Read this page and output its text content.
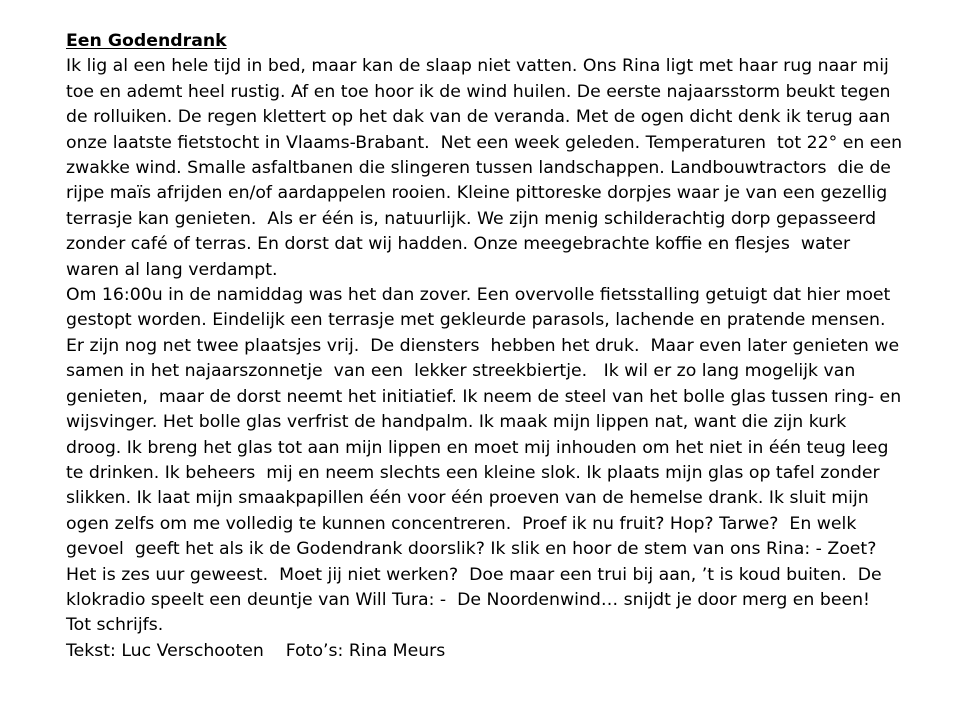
Een Godendrank
Ik lig al een hele tijd in bed, maar kan de slaap niet vatten. Ons Rina ligt met haar rug naar mij
toe en ademt heel rustig. Af en toe hoor ik de wind huilen. De eerste najaarsstorm beukt tegen
de rolluiken. De regen klettert op het dak van de veranda. Met de ogen dicht denk ik terug aan
onze laatste fietstocht in Vlaams-Brabant.  Net een week geleden. Temperaturen  tot 22° en een
zwakke wind. Smalle asfaltbanen die slingeren tussen landschappen. Landbouwtractors  die de
rijpe maïs afrijden en/of aardappelen rooien. Kleine pittoreske dorpjes waar je van een gezellig
terrasje kan genieten.  Als er één is, natuurlijk. We zijn menig schilderachtig dorp gepasseerd
zonder café of terras. En dorst dat wij hadden. Onze meegebrachte koffie en flesjes  water
waren al lang verdampt.
Om 16:00u in de namiddag was het dan zover. Een overvolle fietsstalling getuigt dat hier moet
gestopt worden. Eindelijk een terrasje met gekleurde parasols, lachende en pratende mensen.
Er zijn nog net twee plaatsjes vrij.  De diensters  hebben het druk.  Maar even later genieten we
samen in het najaarszonnetje  van een  lekker streekbiertje.   Ik wil er zo lang mogelijk van
genieten,  maar de dorst neemt het initiatief. Ik neem de steel van het bolle glas tussen ring- en
wijsvinger. Het bolle glas verfrist de handpalm. Ik maak mijn lippen nat, want die zijn kurk
droog. Ik breng het glas tot aan mijn lippen en moet mij inhouden om het niet in één teug leeg
te drinken. Ik beheers  mij en neem slechts een kleine slok. Ik plaats mijn glas op tafel zonder
slikken. Ik laat mijn smaakpapillen één voor één proeven van de hemelse drank. Ik sluit mijn
ogen zelfs om me volledig te kunnen concentreren.  Proef ik nu fruit? Hop? Tarwe?  En welk
gevoel  geeft het als ik de Godendrank doorslik? Ik slik en hoor de stem van ons Rina: - Zoet?
Het is zes uur geweest.  Moet jij niet werken?  Doe maar een trui bij aan, ’t is koud buiten.  De
klokradio speelt een deuntje van Will Tura: -  De Noordenwind… snijdt je door merg en been!
Tot schrijfs.
Tekst: Luc Verschooten    Foto’s: Rina Meurs
